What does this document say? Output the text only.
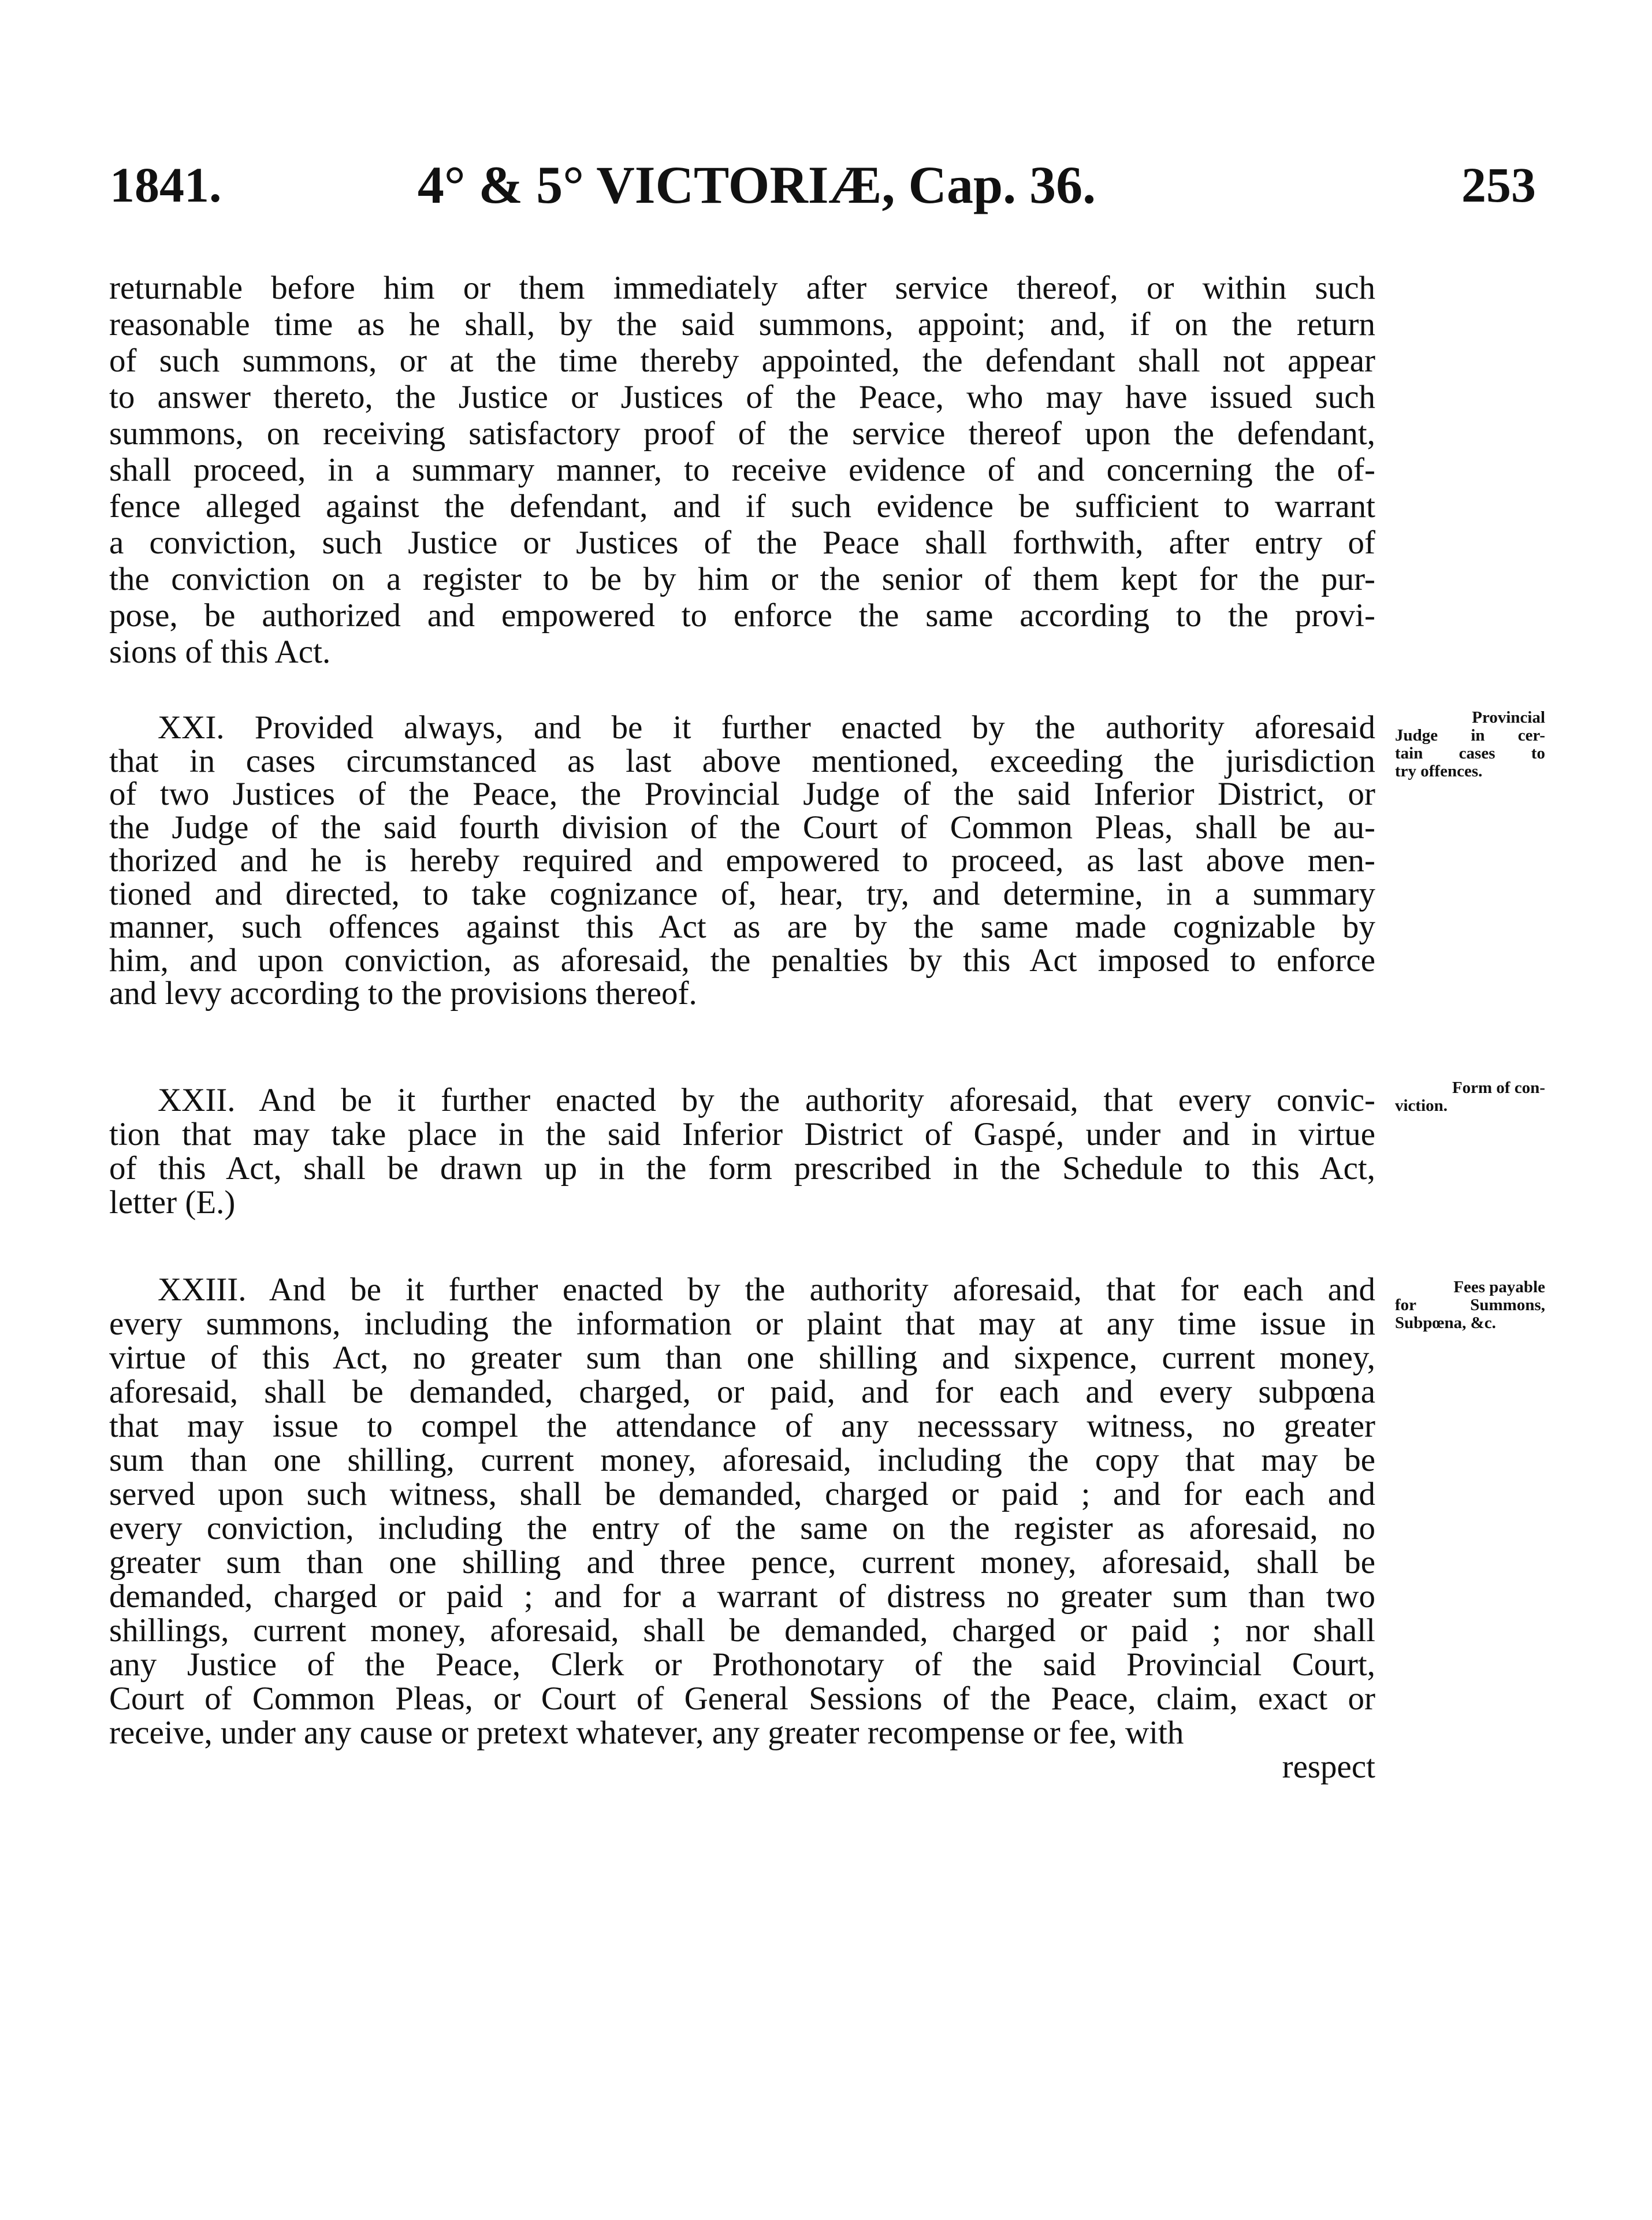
1841.	4° & 5° VICTORIÆ, Cap. 36.	253
returnable before him or them immediately after service thereof, or within such
reasonable time as he shall, by the said summons, appoint; and, if on the return
of such summons, or at the time thereby appointed, the defendant shall not appear
to answer thereto, the Justice or Justices of the Peace, who may have issued such
summons, on receiving satisfactory proof of the service thereof upon the defendant,
shall proceed, in a summary manner, to receive evidence of and concerning the of-
fence alleged against the defendant, and if such evidence be sufficient to warrant
a conviction, such Justice or Justices of the Peace shall forthwith, after entry of
the conviction on a register to be by him or the senior of them kept for the pur-
pose, be authorized and empowered to enforce the same according to the provi-
sions of this Act.
XXI. Provided always, and be it further enacted by the authority aforesaid
that in cases circumstanced as last above mentioned, exceeding the jurisdiction
of two Justices of the Peace, the Provincial Judge of the said Inferior District, or
the Judge of the said fourth division of the Court of Common Pleas, shall be au-
thorized and he is hereby required and empowered to proceed, as last above men-
tioned and directed, to take cognizance of, hear, try, and determine, in a summary
manner, such offences against this Act as are by the same made cognizable by
him, and upon conviction, as aforesaid, the penalties by this Act imposed to enforce
and levy according to the provisions thereof.
XXII. And be it further enacted by the authority aforesaid, that every convic-
tion that may take place in the said Inferior District of Gaspé, under and in virtue
of this Act, shall be drawn up in the form prescribed in the Schedule to this Act,
letter (E.)
XXIII. And be it further enacted by the authority aforesaid, that for each and
every summons, including the information or plaint that may at any time issue in
virtue of this Act, no greater sum than one shilling and sixpence, current money,
aforesaid, shall be demanded, charged, or paid, and for each and every subpœna
that may issue to compel the attendance of any necesssary witness, no greater
sum than one shilling, current money, aforesaid, including the copy that may be
served upon such witness, shall be demanded, charged or paid ; and for each and
every conviction, including the entry of the same on the register as aforesaid, no
greater sum than one shilling and three pence, current money, aforesaid, shall be
demanded, charged or paid ; and for a warrant of distress no greater sum than two
shillings, current money, aforesaid, shall be demanded, charged or paid ; nor shall
any Justice of the Peace, Clerk or Prothonotary of the said Provincial Court,
Court of Common Pleas, or Court of General Sessions of the Peace, claim, exact or
receive, under any cause or pretext whatever, any greater recompense or fee, with
respect
Provincial
Judge in cer-
tain cases to
try offences.
Form of con-
viction.
Fees payable
for Summons,
Subpœna, &c.
